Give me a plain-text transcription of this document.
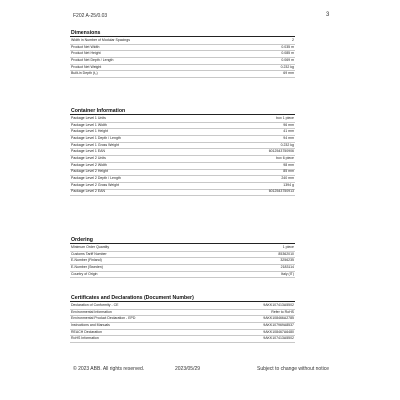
F202 A-25/0.03	3
Dimensions
Width in Number of Modular Spacings	2
Product Net Width	0.035 m
Product Net Height	0.085 m
Product Net Depth / Length	0.069 m
Product Net Weight	0.232 kg
Built-in Depth (t₂)	69 mm
Container Information
Package Level 1 Units	box 1 piece
Package Level 1 Width	96 mm
Package Level 1 Height	41 mm
Package Level 1 Depth / Length	94 mm
Package Level 1 Gross Weight	0.232 kg
Package Level 1 EAN	6012543750906
Package Level 2 Units	box 6 piece
Package Level 2 Width	98 mm
Package Level 2 Height	85 mm
Package Level 2 Depth / Length	240 mm
Package Level 2 Gross Weight	1394 g
Package Level 2 EAN	6012543750913
Ordering
Minimum Order Quantity	1 piece
Customs Tariff Number	85362010
E-Number (Finland)	3256235
E-Number (Sweden)	2183114
Country of Origin	Italy (IT)
Certificates and Declarations (Document Number)
Declaration of Conformity - CE	9AKK107413A5502
Environmental Information	Refer to RoHS
Environmental Product Declaration - EPD	9AKK108466A2785
Instructions and Manuals	9AKK107969A8537
REACH Declaration	9AKK108467A6480
RoHS Information	9AKK107413A5502
© 2023 ABB. All rights reserved.	2023/05/29	Subject to change without notice
